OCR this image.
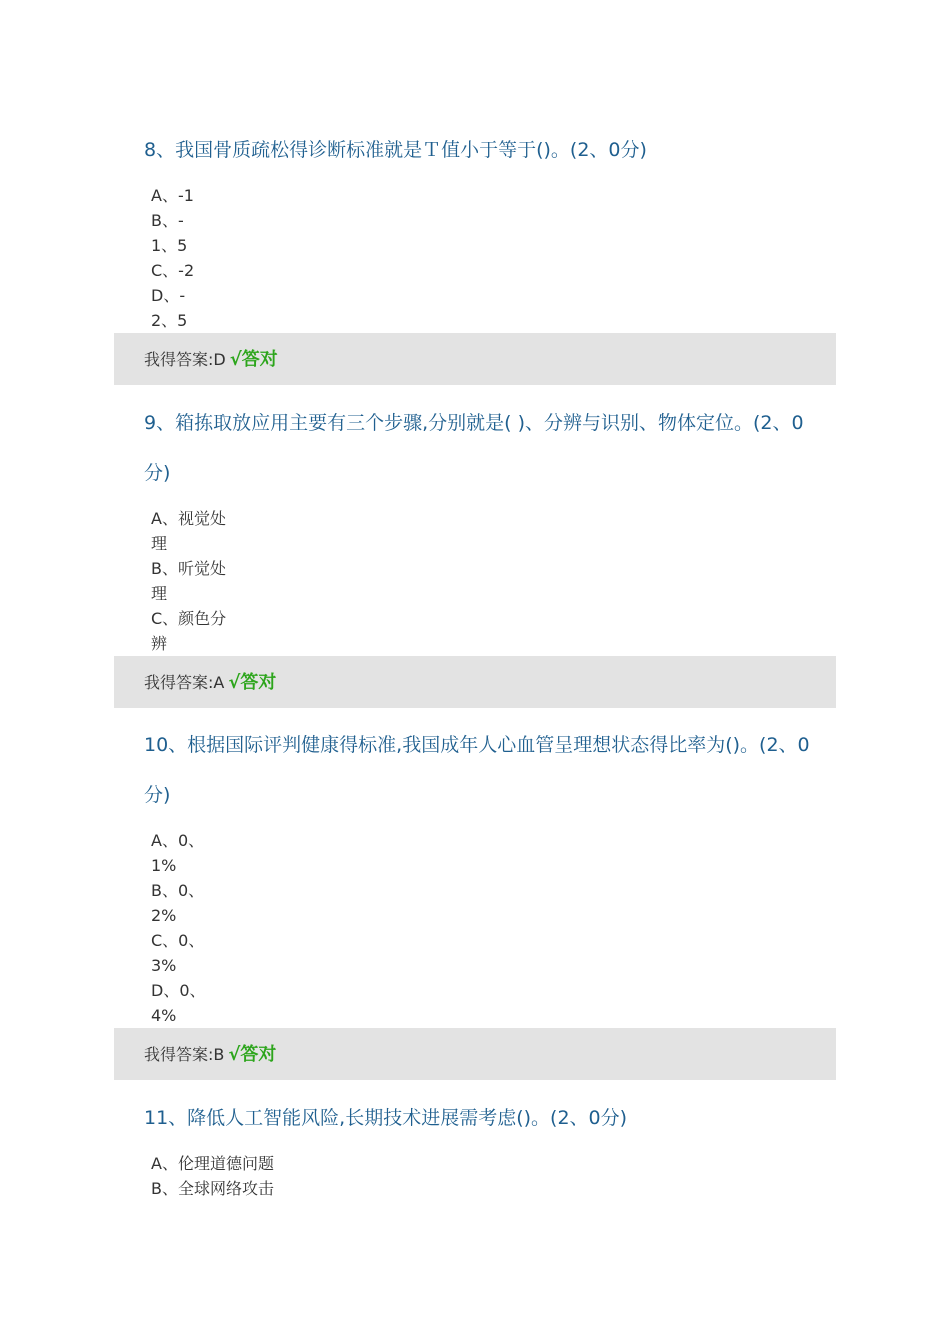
8、我国骨质疏松得诊断标准就是Ｔ值小于等于()。(2、0分)

A、-1
B、-
1、5
C、-2
D、-
2、5
我得答案:D √答对

9、箱拣取放应用主要有三个步骤,分别就是( )、分辨与识别、物体定位。(2、0

分)

A、视觉处
理
B、听觉处
理
C、颜色分
辨
我得答案:A √答对

10、根据国际评判健康得标准,我国成年人心血管呈理想状态得比率为()。(2、0

分)

A、0、
1%
B、0、
2%
C、0、
3%
D、0、
4%
我得答案:B √答对

11、降低人工智能风险,长期技术进展需考虑()。(2、0分)

A、伦理道德问题
B、全球网络攻击
